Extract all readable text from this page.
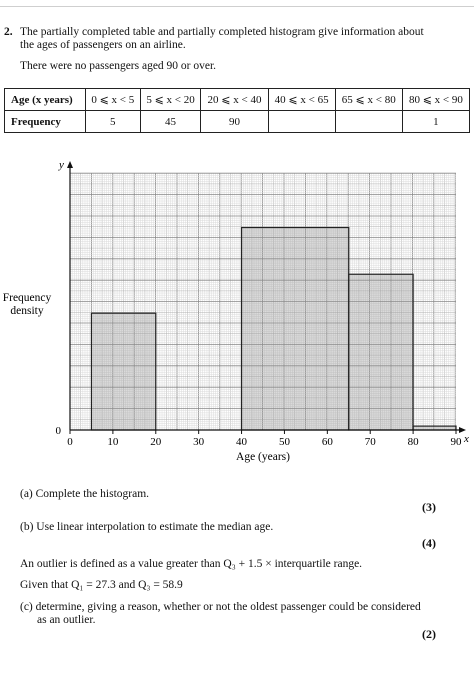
2. The partially completed table and partially completed histogram give information about
the ages of passengers on an airline.
There were no passengers aged 90 or over.
Age (x years)	0 ⩽ x < 5	5 ⩽ x < 20	20 ⩽ x < 40	40 ⩽ x < 65	65 ⩽ x < 80	80 ⩽ x < 90
Frequency	5	45	90			1
y
x
0	10	20	30	40	50	60	70	80	90
0
Age (years)
Frequency density
(a) Complete the histogram.
(3)
(b) Use linear interpolation to estimate the median age.
(4)
An outlier is defined as a value greater than Q₃ + 1.5 × interquartile range.
Given that Q₁ = 27.3 and Q₃ = 58.9
(c) determine, giving a reason, whether or not the oldest passenger could be considered
as an outlier.
(2)
